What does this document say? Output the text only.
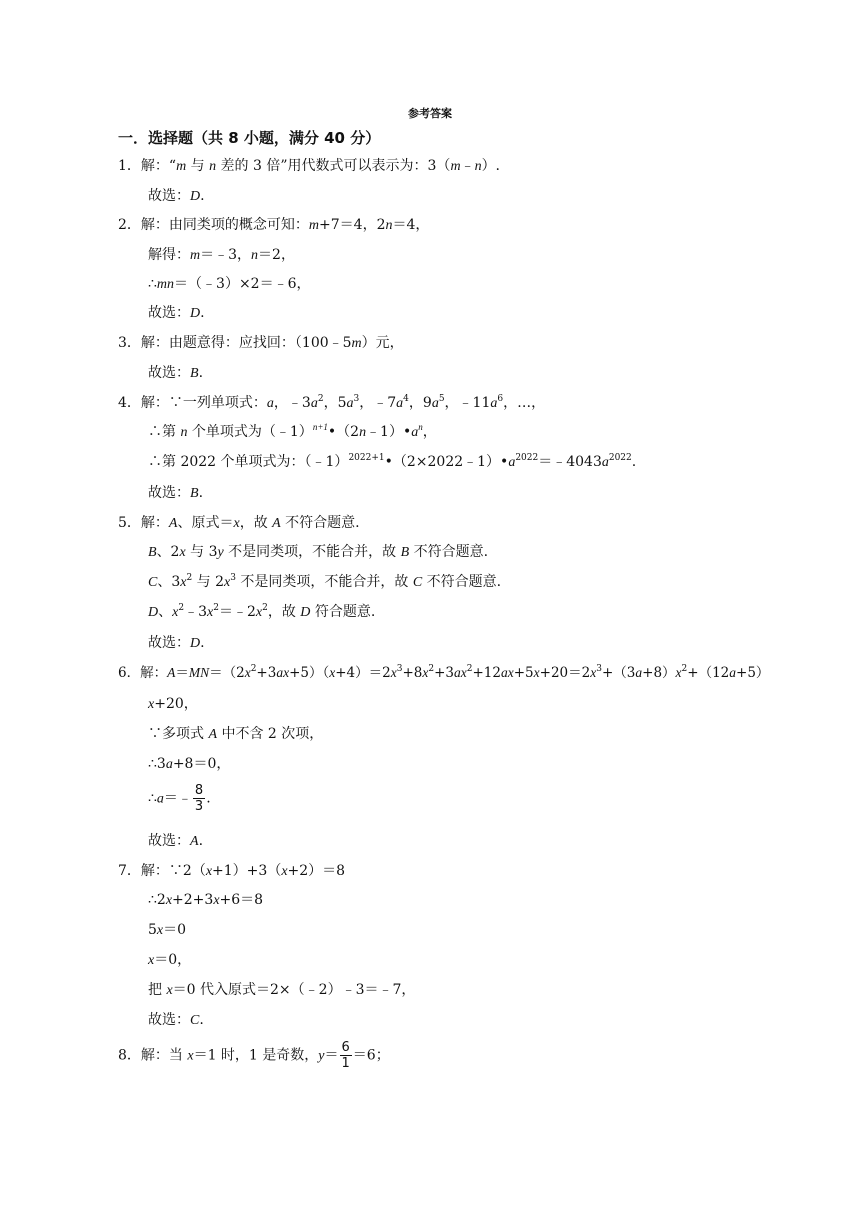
参考答案
一．选择题（共 8 小题，满分 40 分）
1．解：“m 与 n 差的 3 倍”用代数式可以表示为：3（m﹣n）.
故选：D.
2．解：由同类项的概念可知：m+7＝4，2n＝4，
解得：m＝﹣3，n＝2，
∴mn＝（﹣3）×2＝﹣6，
故选：D.
3．解：由题意得：应找回：（100﹣5m）元，
故选：B.
4．解：∵一列单项式：a，$﹣3a^2$，$5a^3$，$﹣7a^4$，$9a^5$，$﹣11a^6$，…，
∴第 n 个单项式为$(﹣1)^{n+1}•(2n﹣1)•a^n$，
∴第 2022 个单项式为：$(﹣1)^{2022+1}•(2\times 2022﹣1)•a^{2022}=﹣4043a^{2022}$.
故选：B.
5．解：A、原式＝x，故 A 不符合题意.
B、2x 与 3y 不是同类项，不能合并，故 B 不符合题意.
C、$3x^2$ 与 $2x^3$ 不是同类项，不能合并，故 C 不符合题意.
D、$x^2﹣3x^2=﹣2x^2$，故 D 符合题意.
故选：D.
6．解：$A=MN=(2x^2+3ax+5)(x+4)=2x^3+8x^2+3ax^2+12ax+5x+20=2x^3+(3a+8)x^2+(12a+5)$
x+20，
∵多项式 A 中不含 2 次项，
∴3a+8＝0，
∴a＝﹣ $\frac{8}{3}$ .
故选：A.
7．解：∵2（x+1）+3（x+2）＝8
∴2x+2+3x+6＝8
5x＝0
x＝0，
把 x＝0 代入原式＝2×（﹣2）﹣3＝﹣7，
故选：C.
8．解：当 x＝1 时，1 是奇数，$y= \frac{6}{1} =6$；
